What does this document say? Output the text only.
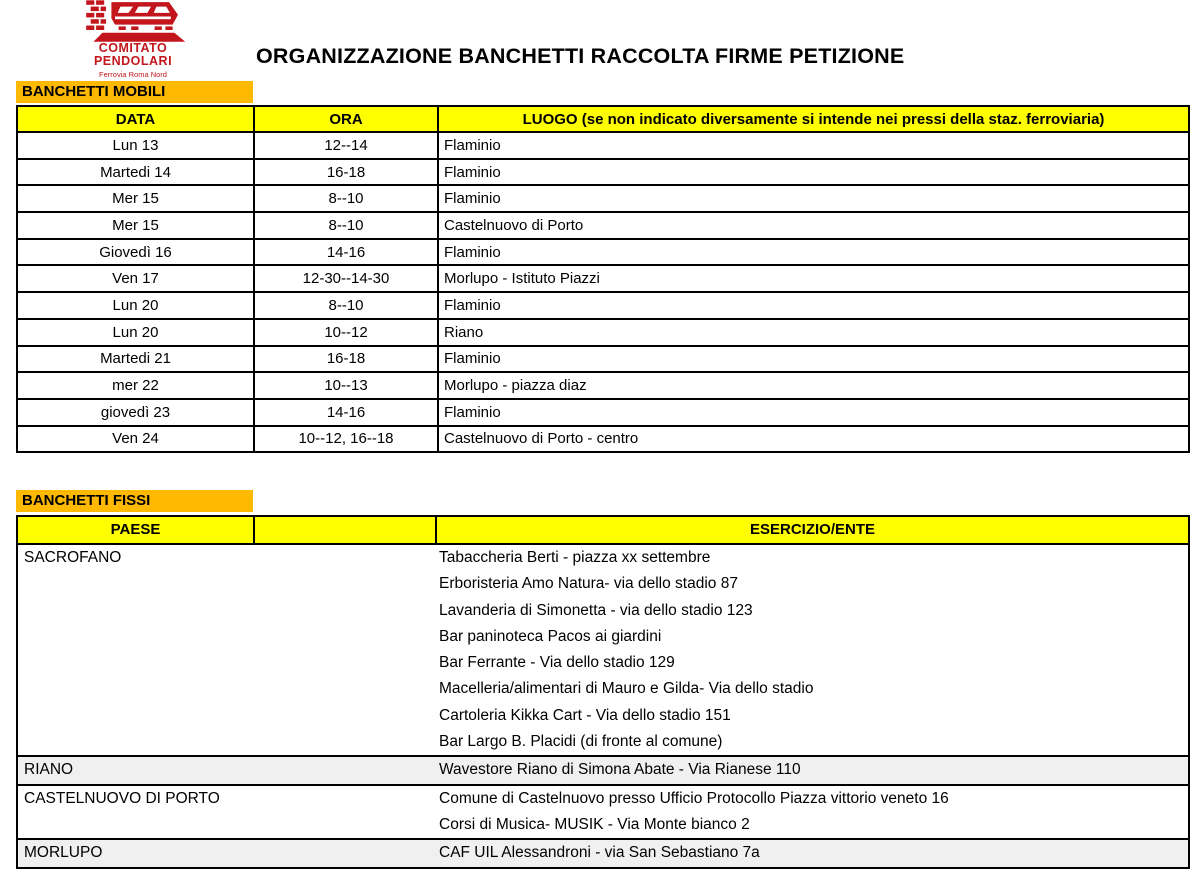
COMITATO
PENDOLARI
Ferrovia Roma Nord
ORGANIZZAZIONE BANCHETTI RACCOLTA FIRME PETIZIONE
BANCHETTI MOBILI
DATA	ORA	LUOGO (se non indicato diversamente si intende nei pressi della staz. ferroviaria)
Lun 13	12--14	Flaminio
Martedi 14	16-18	Flaminio
Mer 15	8--10	Flaminio
Mer 15	8--10	Castelnuovo di Porto
Giovedì 16	14-16	Flaminio
Ven 17	12-30--14-30	Morlupo - Istituto Piazzi
Lun 20	8--10	Flaminio
Lun 20	10--12	Riano
Martedi 21	16-18	Flaminio
mer 22	10--13	Morlupo - piazza diaz
giovedì 23	14-16	Flaminio
Ven 24	10--12, 16--18	Castelnuovo di Porto - centro
BANCHETTI FISSI
PAESE	ESERCIZIO/ENTE
SACROFANO	Tabaccheria Berti - piazza xx settembre
Erboristeria Amo Natura- via dello stadio 87
Lavanderia di Simonetta - via dello stadio 123
Bar paninoteca Pacos ai giardini
Bar Ferrante - Via dello stadio 129
Macelleria/alimentari di Mauro e Gilda- Via dello stadio
Cartoleria Kikka Cart - Via dello stadio 151
Bar Largo B. Placidi (di fronte al comune)
RIANO	Wavestore Riano di Simona Abate - Via Rianese 110
CASTELNUOVO DI PORTO	Comune di Castelnuovo presso Ufficio Protocollo Piazza vittorio veneto 16
Corsi di Musica- MUSIK - Via Monte bianco 2
MORLUPO	CAF UIL Alessandroni - via San Sebastiano 7a
